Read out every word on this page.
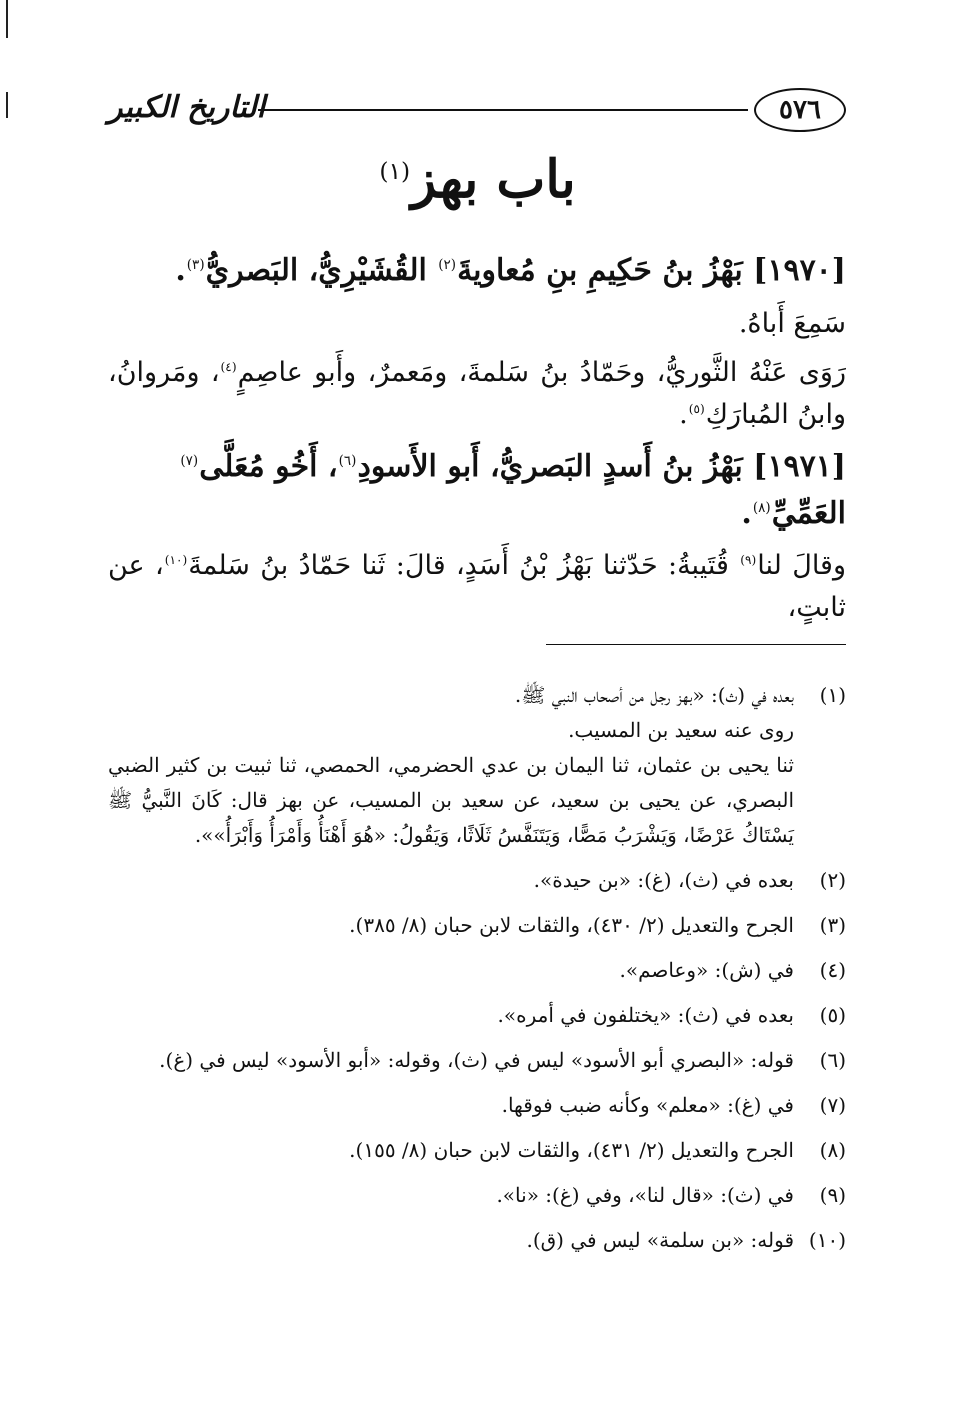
٥٧٦
التاريخ الكبير
باب بهز$^{(١)}$

[١٩٧٠] بَهْزُ بنُ حَكِيمِ بنِ مُعاويةَ$^{(٢)}$ القُشَيْرِيُّ، البَصريُّ$^{(٣)}$.

سَمِعَ أَباهُ.

رَوَى عَنْهُ الثَّوريُّ، وحَمّادُ بنُ سَلمةَ، ومَعمرٌ، وأَبو عاصِمٍ$^{(٤)}$، ومَروانُ، وابنُ المُبارَكِ$^{(٥)}$.

[١٩٧١] بَهْزُ بنُ أَسدٍ البَصريُّ، أَبو الأَسودِ$^{(٦)}$، أَخُو مُعَلَّى$^{(٧)}$ العَمِّيِّ$^{(٨)}$.

وقالَ لنا$^{(٩)}$ قُتَيبةُ: حَدّثنا بَهْزُ بْنُ أَسَدٍ، قالَ: ثَنا حَمّادُ بنُ سَلمةَ$^{(١٠)}$، عن ثابتٍ،

(١)
بعده في (ث): «بهز رجل من أصحاب النبي ﷺ.
روى عنه سعيد بن المسيب.
ثنا يحيى بن عثمان، ثنا اليمان بن عدي الحضرمي، الحمصي، ثنا ثبيت بن كثير الضبي البصري، عن يحيى بن سعيد، عن سعيد بن المسيب، عن بهز قال: كَانَ النَّبيُّ ﷺ يَسْتَاكُ عَرْضًا، وَيَشْرَبُ مَصًّا، وَيَتَنَفَّسُ ثَلَاثًا، وَيَقُولُ: «هُوَ أَهْنَأُ وَأَمْرَأُ وَأَبْرَأُ»».
(٢)
بعده في (ث)، (غ): «بن حيدة».
(٣)
الجرح والتعديل (٢/ ٤٣٠)، والثقات لابن حبان (٨/ ٣٨٥).
(٤)
في (ش): «وعاصم».
(٥)
بعده في (ث): «يختلفون في أمره».
(٦)
قوله: «البصري أبو الأسود» ليس في (ث)، وقوله: «أبو الأسود» ليس في (غ).
(٧)
في (غ): «معلم» وكأنه ضبب فوقها.
(٨)
الجرح والتعديل (٢/ ٤٣١)، والثقات لابن حبان (٨/ ١٥٥).
(٩)
في (ث): «قال لنا»، وفي (غ): «نا».
(١٠)
قوله: «بن سلمة» ليس في (ق).
